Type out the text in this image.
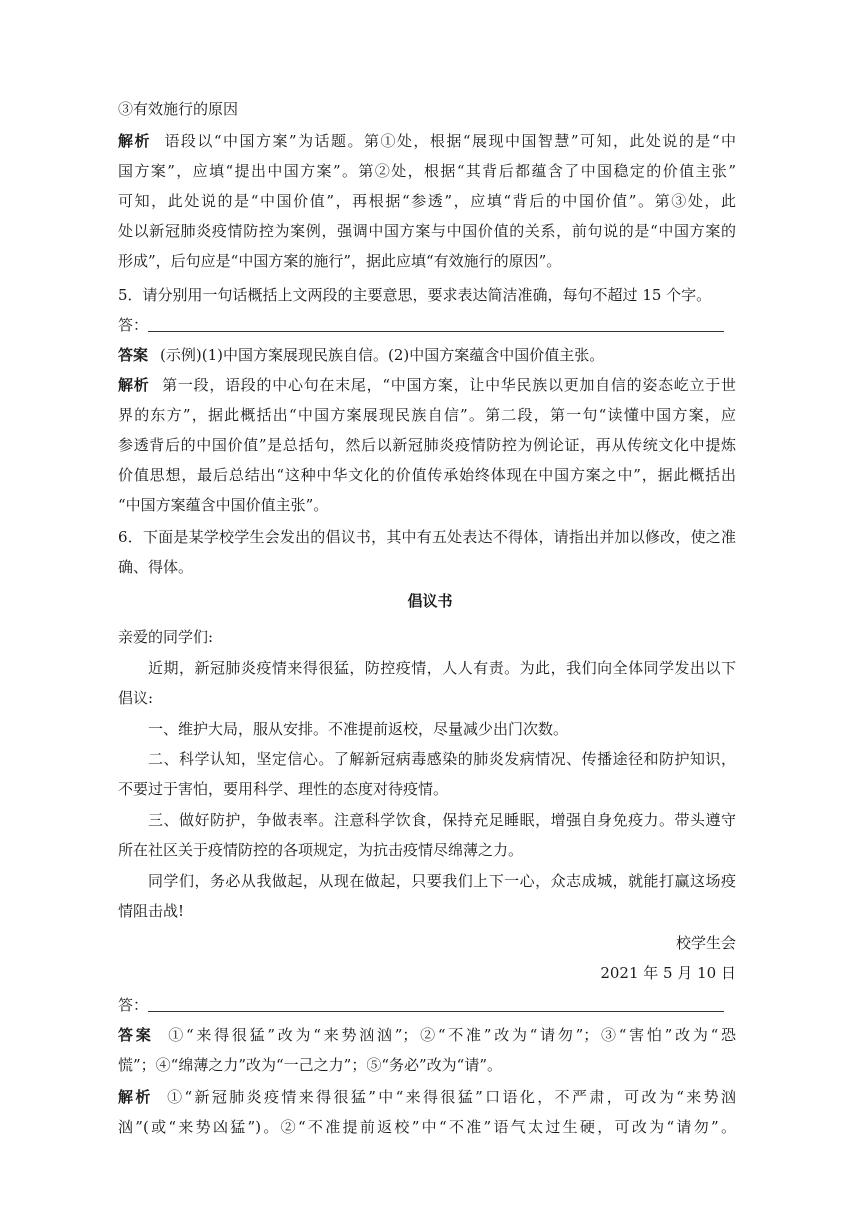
③有效施行的原因
解析 语段以“中国方案”为话题。第①处，根据“展现中国智慧”可知，此处说的是“中
国方案”，应填“提出中国方案”。第②处，根据“其背后都蕴含了中国稳定的价值主张”
可知，此处说的是“中国价值”，再根据“参透”，应填“背后的中国价值”。第③处，此
处以新冠肺炎疫情防控为案例，强调中国方案与中国价值的关系，前句说的是“中国方案的
形成”，后句应是“中国方案的施行”，据此应填“有效施行的原因”。
5．请分别用一句话概括上文两段的主要意思，要求表达简洁准确，每句不超过 15 个字。
答：
答案 (示例)(1)中国方案展现民族自信。(2)中国方案蕴含中国价值主张。
解析 第一段，语段的中心句在末尾，“中国方案，让中华民族以更加自信的姿态屹立于世
界的东方”，据此概括出“中国方案展现民族自信”。第二段，第一句“读懂中国方案，应
参透背后的中国价值”是总括句，然后以新冠肺炎疫情防控为例论证，再从传统文化中提炼
价值思想，最后总结出“这种中华文化的价值传承始终体现在中国方案之中”，据此概括出
“中国方案蕴含中国价值主张”。
6．下面是某学校学生会发出的倡议书，其中有五处表达不得体，请指出并加以修改，使之准
确、得体。
倡议书
亲爱的同学们:
近期，新冠肺炎疫情来得很猛，防控疫情，人人有责。为此，我们向全体同学发出以下
倡议:
一、维护大局，服从安排。不准提前返校，尽量减少出门次数。
二、科学认知，坚定信心。了解新冠病毒感染的肺炎发病情况、传播途径和防护知识，
不要过于害怕，要用科学、理性的态度对待疫情。
三、做好防护，争做表率。注意科学饮食，保持充足睡眠，增强自身免疫力。带头遵守
所在社区关于疫情防控的各项规定，为抗击疫情尽绵薄之力。
同学们，务必从我做起，从现在做起，只要我们上下一心，众志成城，就能打赢这场疫
情阻击战!
校学生会
2021 年 5 月 10 日
答：
答案 ①“来得很猛”改为“来势汹汹”；②“不准”改为“请勿”；③“害怕”改为“恐
慌”；④“绵薄之力”改为“一己之力”；⑤“务必”改为“请”。
解析 ①“新冠肺炎疫情来得很猛”中“来得很猛”口语化，不严肃，可改为“来势汹
汹”(或“来势凶猛”)。②“不准提前返校”中“不准”语气太过生硬，可改为“请勿”。
